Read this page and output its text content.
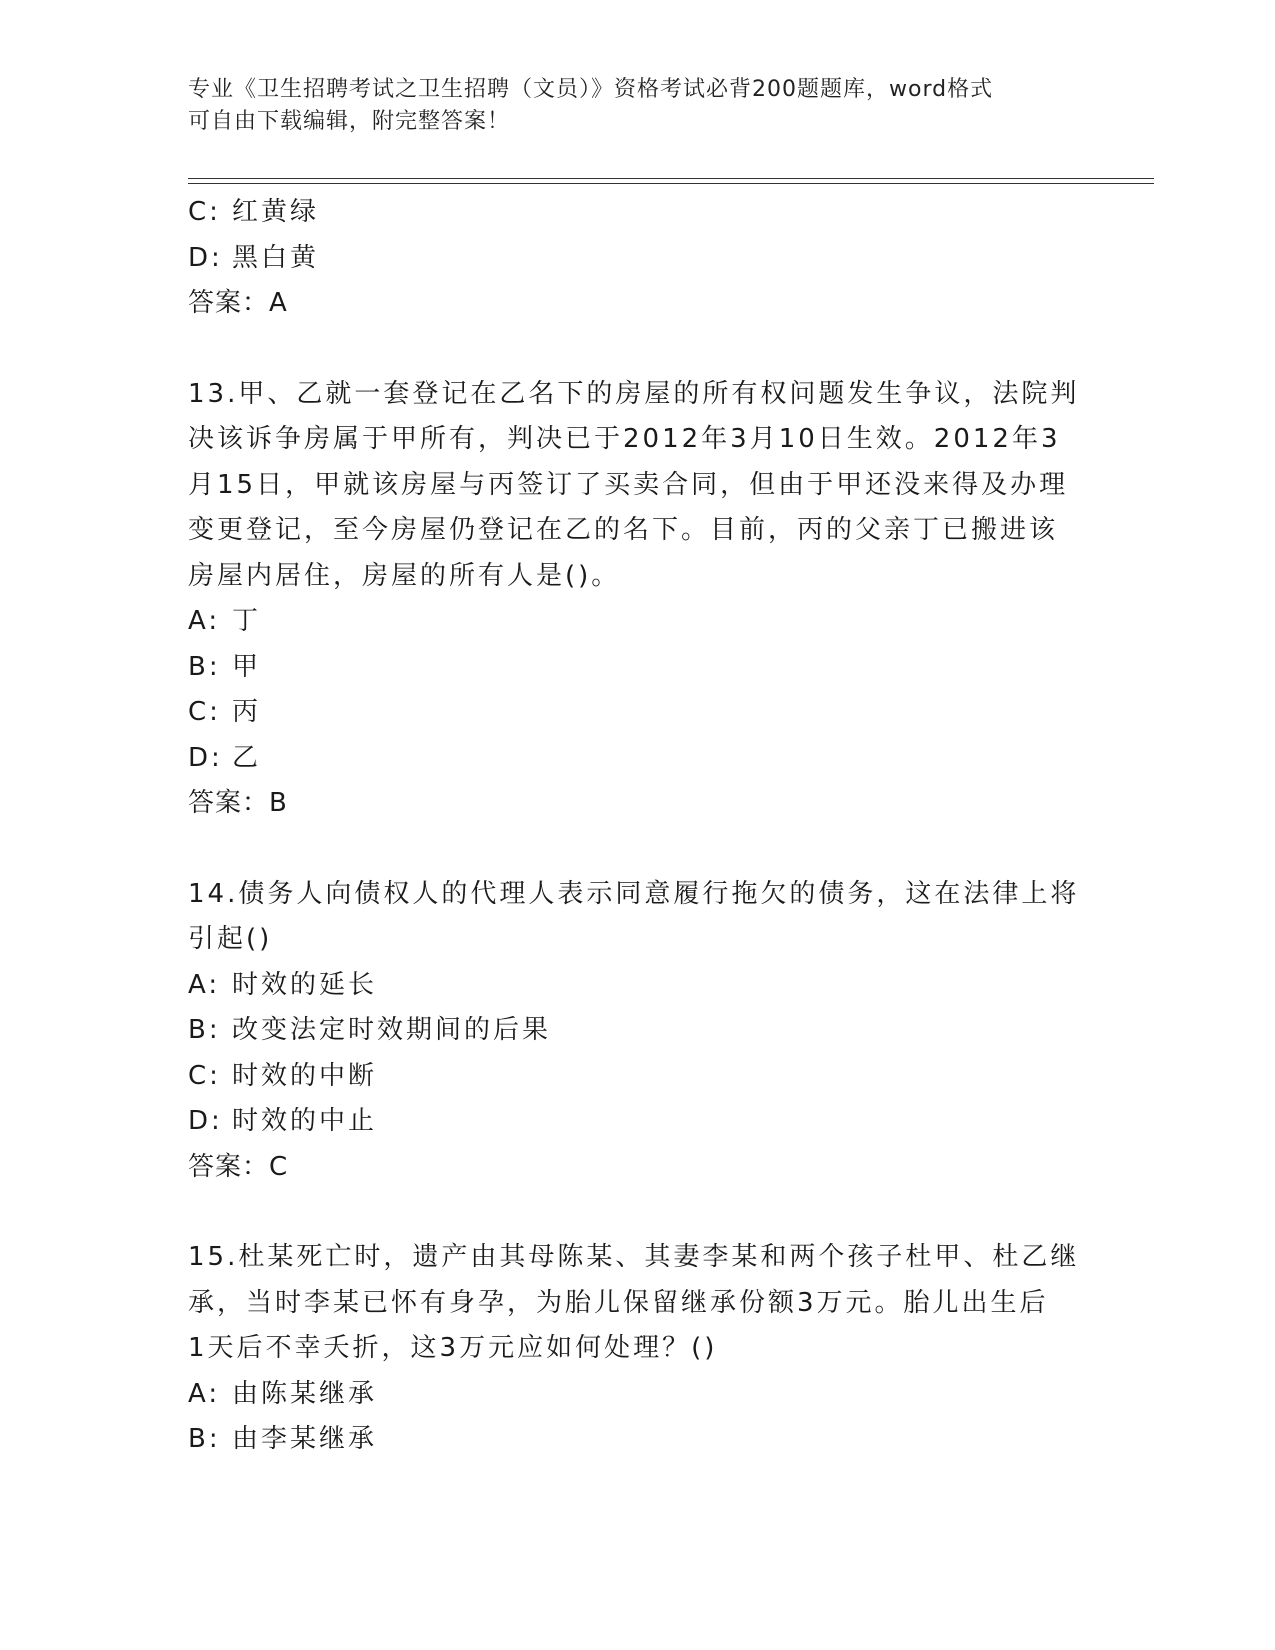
专业《卫生招聘考试之卫生招聘（文员）》资格考试必背200题题库，word格式
可自由下载编辑，附完整答案！
C: 红黄绿
D: 黑白黄
答案：A
13.甲、乙就一套登记在乙名下的房屋的所有权问题发生争议，法院判
决该诉争房属于甲所有，判决已于2012年3月10日生效。2012年3
月15日，甲就该房屋与丙签订了买卖合同，但由于甲还没来得及办理
变更登记，至今房屋仍登记在乙的名下。目前，丙的父亲丁已搬进该
房屋内居住，房屋的所有人是()。
A: 丁
B: 甲
C: 丙
D: 乙
答案：B
14.债务人向债权人的代理人表示同意履行拖欠的债务，这在法律上将
引起()
A: 时效的延长
B: 改变法定时效期间的后果
C: 时效的中断
D: 时效的中止
答案：C
15.杜某死亡时，遗产由其母陈某、其妻李某和两个孩子杜甲、杜乙继
承，当时李某已怀有身孕，为胎儿保留继承份额3万元。胎儿出生后
1天后不幸夭折，这3万元应如何处理？()
A: 由陈某继承
B: 由李某继承
